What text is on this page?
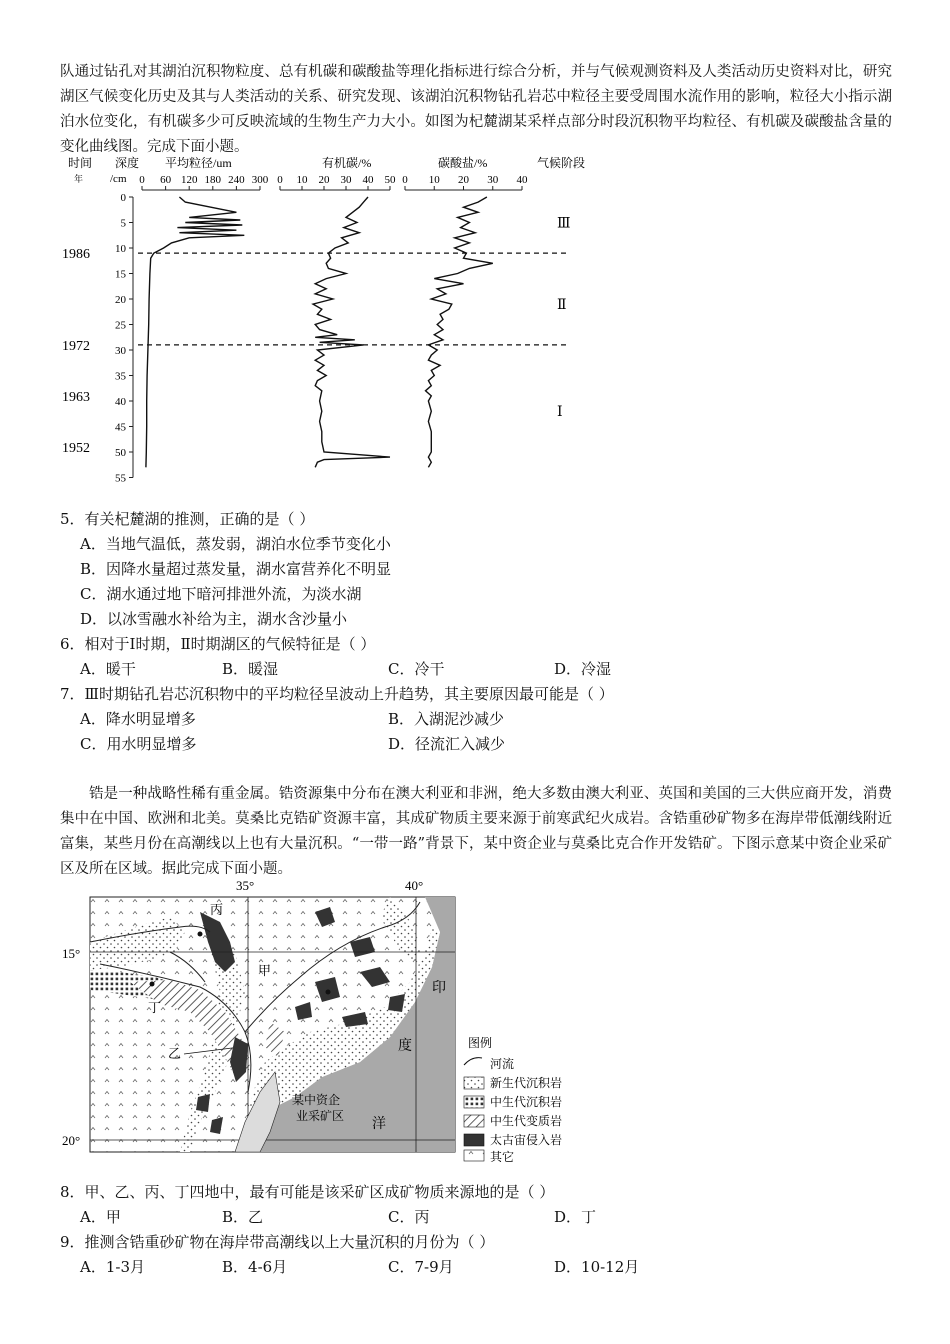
队通过钻孔对其湖泊沉积物粒度、总有机碳和碳酸盐等理化指标进行综合分析，并与气候观测资料及人类活动历史资料对比，研究湖区气候变化历史及其与人类活动的关系、研究发现、该湖泊沉积物钻孔岩芯中粒径主要受周围水流作用的影响，粒径大小指示湖泊水位变化，有机碳多少可反映流域的生物生产力大小。如图为杞麓湖某采样点部分时段沉积物平均粒径、有机碳及碳酸盐含量的变化曲线图。完成下面小题。

时间
年
深度
/cm
平均粒径/um	有机碳/%	碳酸盐/%	气候阶段
0
5
10
15
20
25
30
35
40
45
50
55
1986
1972
1963
1952
0 60 120 180 240 300 0 10 20 30 40 50 0 10 20 30 40
Ⅲ
Ⅱ
Ⅰ
5．有关杞麓湖的推测，正确的是（ ）
A．当地气温低，蒸发弱，湖泊水位季节变化小
B．因降水量超过蒸发量，湖水富营养化不明显
C．湖水通过地下暗河排泄外流，为淡水湖
D．以冰雪融水补给为主，湖水含沙量小
6．相对于Ⅰ时期，Ⅱ时期湖区的气候特征是（ ）
A．暖干	B．暖湿	C．冷干	D．冷湿
7．Ⅲ时期钻孔岩芯沉积物中的平均粒径呈波动上升趋势，其主要原因最可能是（ ）
A．降水明显增多	B．入湖泥沙减少
C．用水明显增多	D．径流汇入减少

锆是一种战略性稀有重金属。锆资源集中分布在澳大利亚和非洲，绝大多数由澳大利亚、英国和美国的三大供应商开发，消费集中在中国、欧洲和北美。莫桑比克锆矿资源丰富，其成矿物质主要来源于前寒武纪火成岩。含锆重砂矿物多在海岸带低潮线附近富集，某些月份在高潮线以上也有大量沉积。“一带一路”背景下，某中资企业与莫桑比克合作开发锆矿。下图示意某中资企业采矿区及所在区域。据此完成下面小题。

35°	40°
15°
20°
丙
甲
丁
乙
印
度
洋
某中资企
业采矿区
图例
河流
新生代沉积岩
中生代沉积岩
中生代变质岩
太古宙侵入岩
其它
8．甲、乙、丙、丁四地中，最有可能是该采矿区成矿物质来源地的是（ ）
A．甲	B．乙	C．丙	D．丁
9．推测含锆重砂矿物在海岸带高潮线以上大量沉积的月份为（ ）
A．1-3月	B．4-6月	C．7-9月	D．10-12月
